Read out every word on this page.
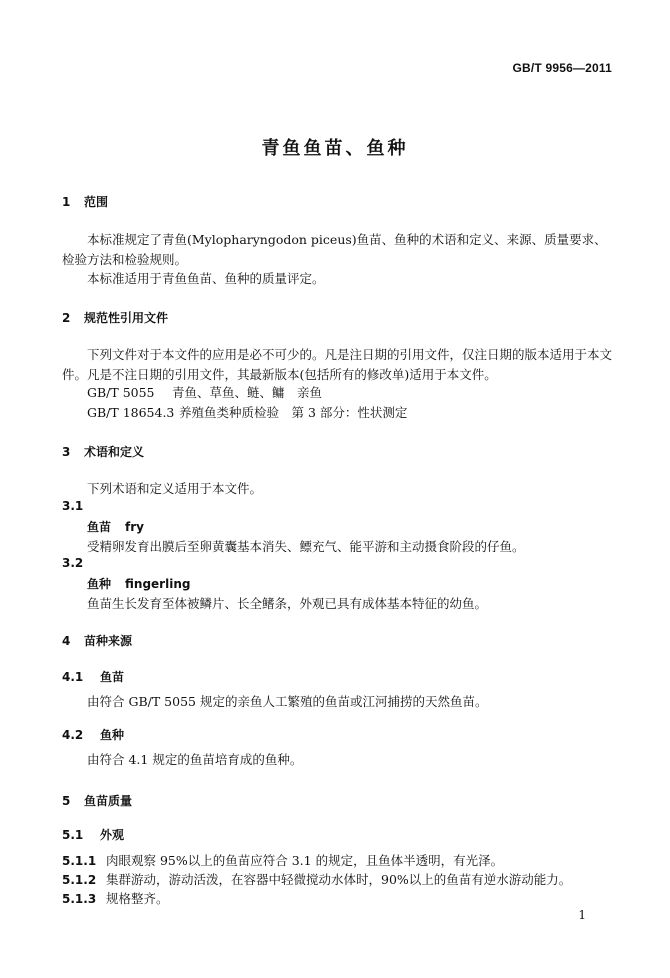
GB/T 9956—2011
青鱼鱼苗、鱼种
1 范围
本标准规定了青鱼(Mylopharyngodon piceus)鱼苗、鱼种的术语和定义、来源、质量要求、检验方法和检验规则。
本标准适用于青鱼鱼苗、鱼种的质量评定。
2 规范性引用文件
下列文件对于本文件的应用是必不可少的。凡是注日期的引用文件，仅注日期的版本适用于本文件。凡是不注日期的引用文件，其最新版本(包括所有的修改单)适用于本文件。
GB/T 5055 青鱼、草鱼、鲢、鳙　亲鱼
GB/T 18654.3 养殖鱼类种质检验　第 3 部分：性状测定
3 术语和定义
下列术语和定义适用于本文件。
3.1
鱼苗 fry
受精卵发育出膜后至卵黄囊基本消失、鳔充气、能平游和主动摄食阶段的仔鱼。
3.2
鱼种 fingerling
鱼苗生长发育至体被鳞片、长全鳍条，外观已具有成体基本特征的幼鱼。
4 苗种来源
4.1 鱼苗
由符合 GB/T 5055 规定的亲鱼人工繁殖的鱼苗或江河捕捞的天然鱼苗。
4.2 鱼种
由符合 4.1 规定的鱼苗培育成的鱼种。
5 鱼苗质量
5.1 外观
5.1.1 肉眼观察 95%以上的鱼苗应符合 3.1 的规定，且鱼体半透明，有光泽。
5.1.2 集群游动，游动活泼，在容器中轻微搅动水体时，90%以上的鱼苗有逆水游动能力。
5.1.3 规格整齐。
1
